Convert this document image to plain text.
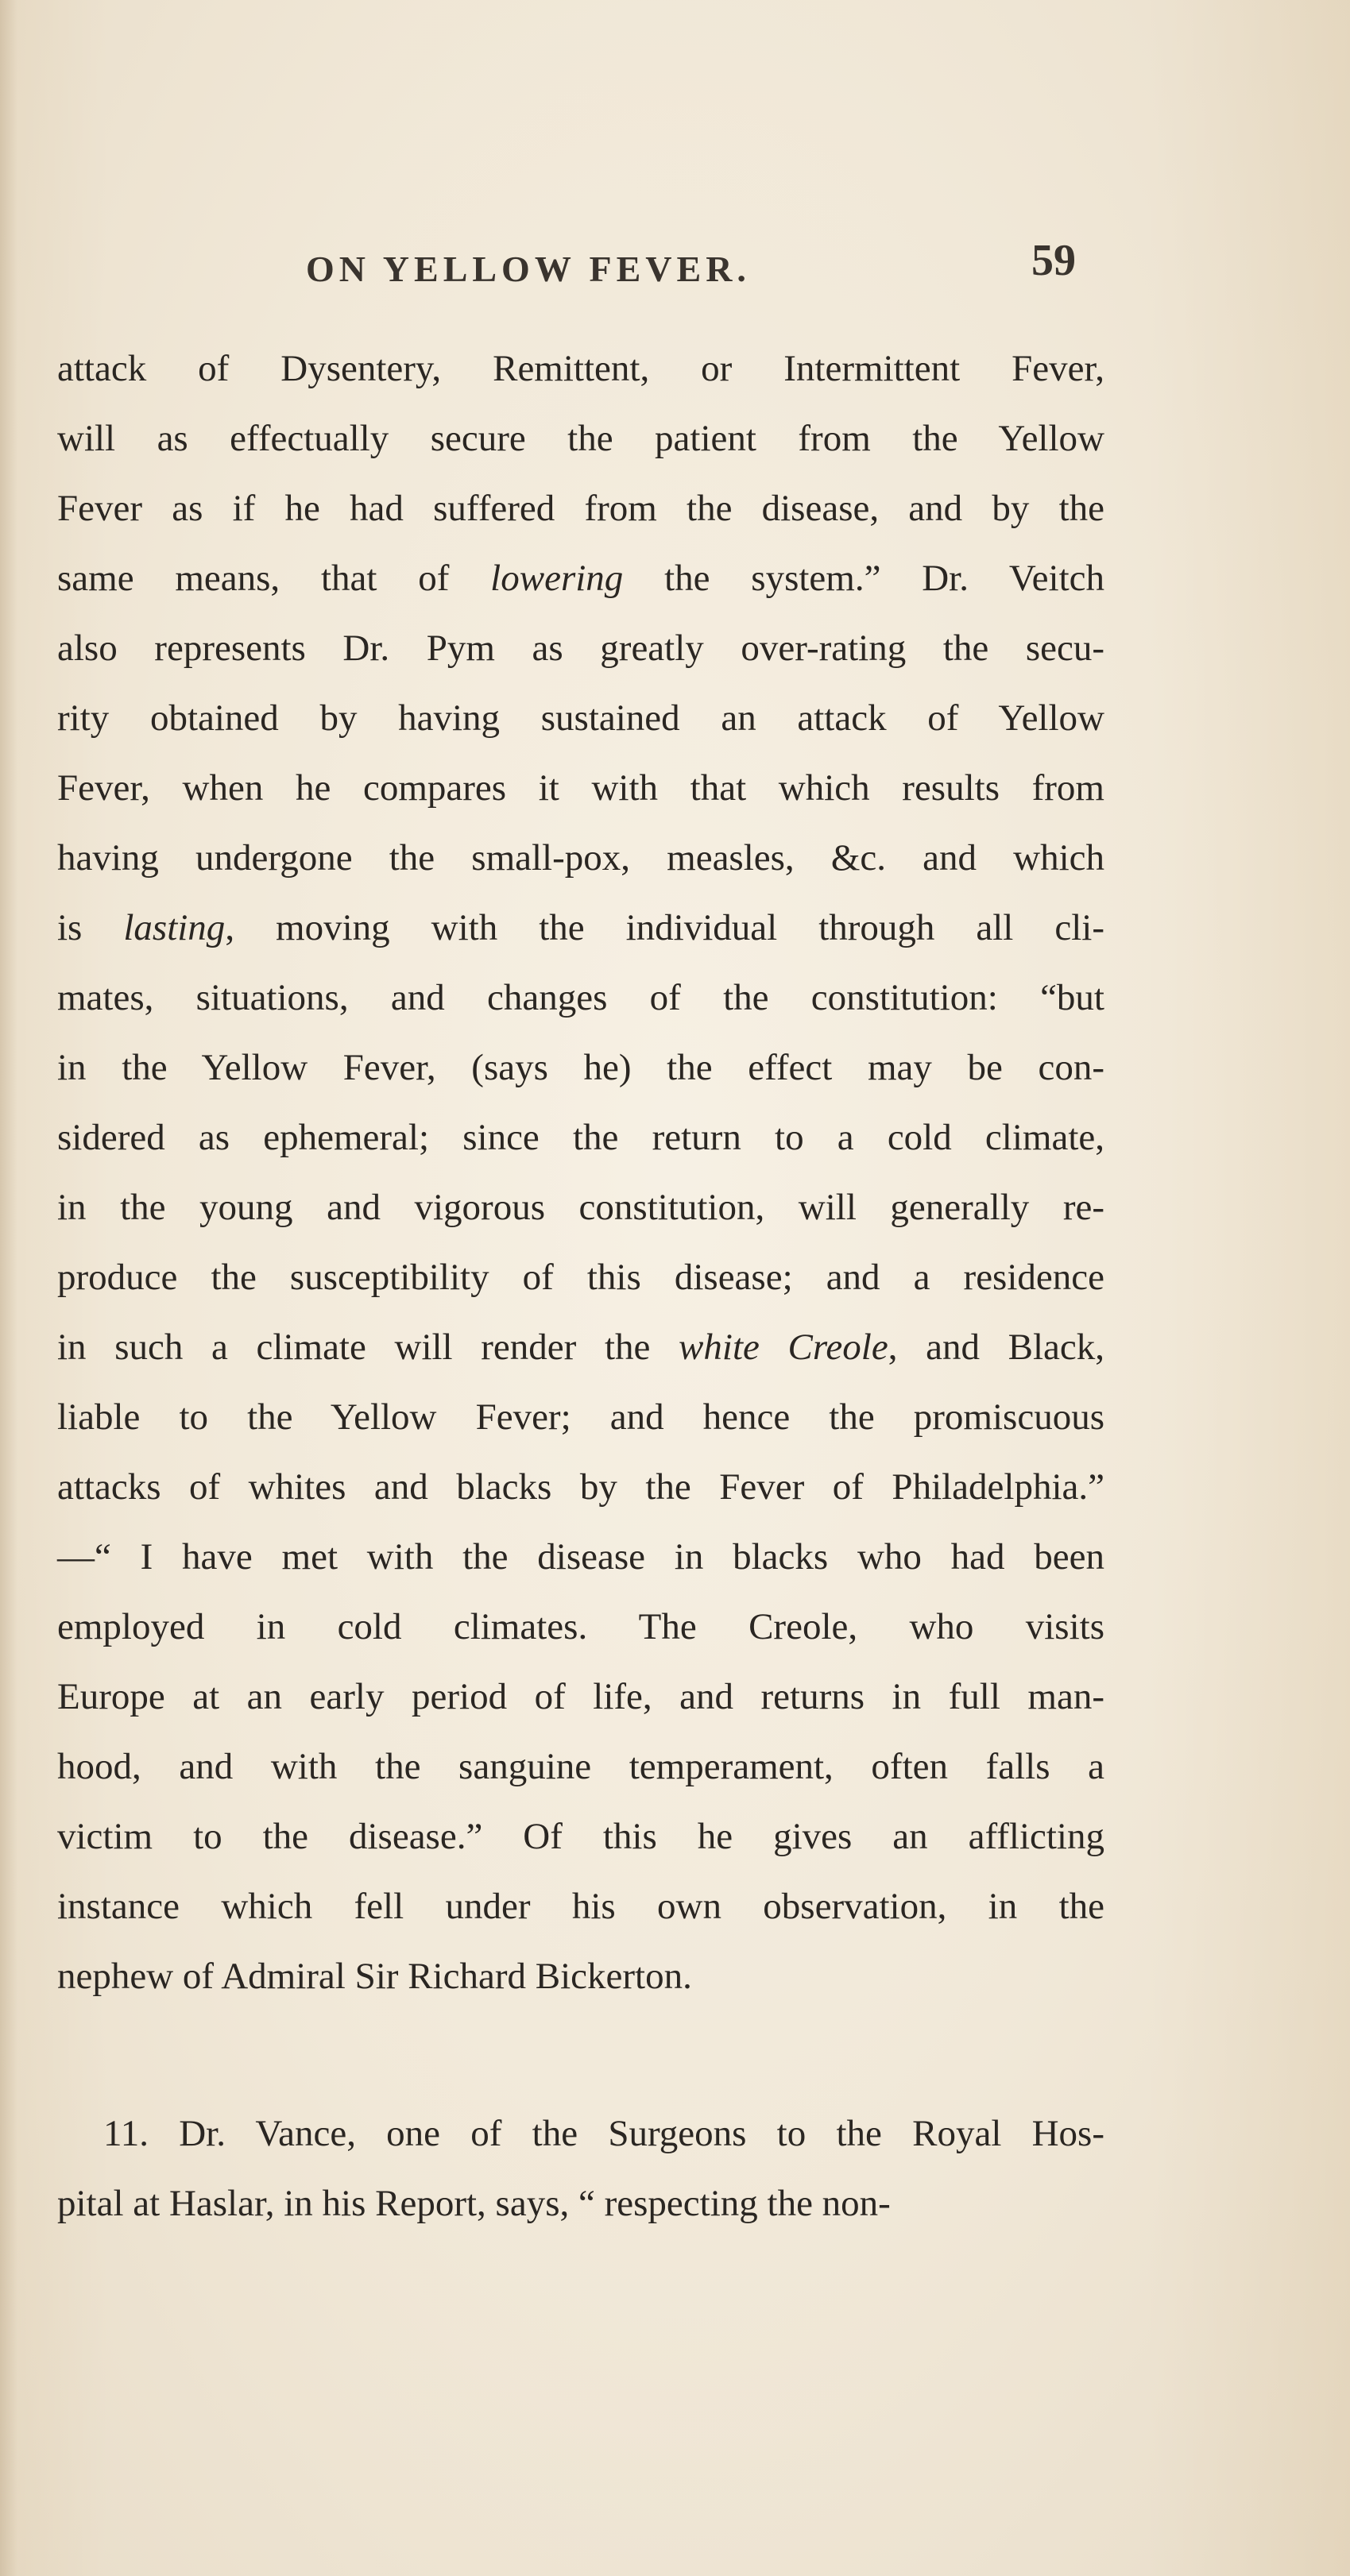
ON YELLOW FEVER.	59

attack of Dysentery, Remittent, or Intermittent Fever,
will as effectually secure the patient from the Yellow
Fever as if he had suffered from the disease, and by the
same means, that of lowering the system.” Dr. Veitch
also represents Dr. Pym as greatly over-rating the secu-
rity obtained by having sustained an attack of Yellow
Fever, when he compares it with that which results from
having undergone the small-pox, measles, &c. and which
is lasting, moving with the individual through all cli-
mates, situations, and changes of the constitution: “but
in the Yellow Fever, (says he) the effect may be con-
sidered as ephemeral; since the return to a cold climate,
in the young and vigorous constitution, will generally re-
produce the susceptibility of this disease; and a residence
in such a climate will render the white Creole, and Black,
liable to the Yellow Fever; and hence the promiscuous
attacks of whites and blacks by the Fever of Philadelphia.”
—“ I have met with the disease in blacks who had been
employed in cold climates. The Creole, who visits
Europe at an early period of life, and returns in full man-
hood, and with the sanguine temperament, often falls a
victim to the disease.” Of this he gives an afflicting
instance which fell under his own observation, in the
nephew of Admiral Sir Richard Bickerton.

11. Dr. Vance, one of the Surgeons to the Royal Hos-
pital at Haslar, in his Report, says, “ respecting the non-
